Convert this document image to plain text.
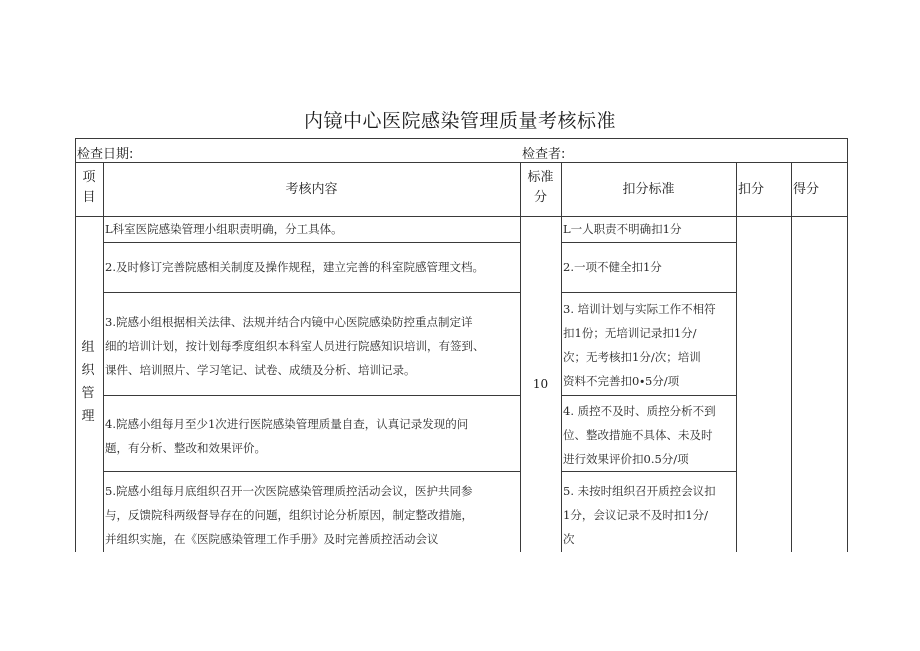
内镜中心医院感染管理质量考核标准
检查日期:	检查者:
项
目
考核内容
标准
分
扣分标准	扣分 得分
组
织
管
理
10
L科室医院感染管理小组职责明确，分工具体。
2.及时修订完善院感相关制度及操作规程，建立完善的科室院感管理文档。
3.院感小组根据相关法律、法规并结合内镜中心医院感染防控重点制定详
细的培训计划，按计划每季度组织本科室人员进行院感知识培训，有签到、
课件、培训照片、学习笔记、试卷、成绩及分析、培训记录。
4.院感小组每月至少1次进行医院感染管理质量自查，认真记录发现的问
题，有分析、整改和效果评价。
5.院感小组每月底组织召开一次医院感染管理质控活动会议，医护共同参
与，反馈院科两级督导存在的问题，组织讨论分析原因，制定整改措施，
并组织实施，在《医院感染管理工作手册》及时完善质控活动会议
L一人职责不明确扣1分
2.一项不健全扣1分
3. 培训计划与实际工作不相符
扣1份；无培训记录扣1分/
次；无考核扣1分/次；培训
资料不完善扣0∙5分/项
4. 质控不及时、质控分析不到
位、整改措施不具体、未及时
进行效果评价扣0.5分/项
5. 未按时组织召开质控会议扣
1分，会议记录不及时扣1分/
次
